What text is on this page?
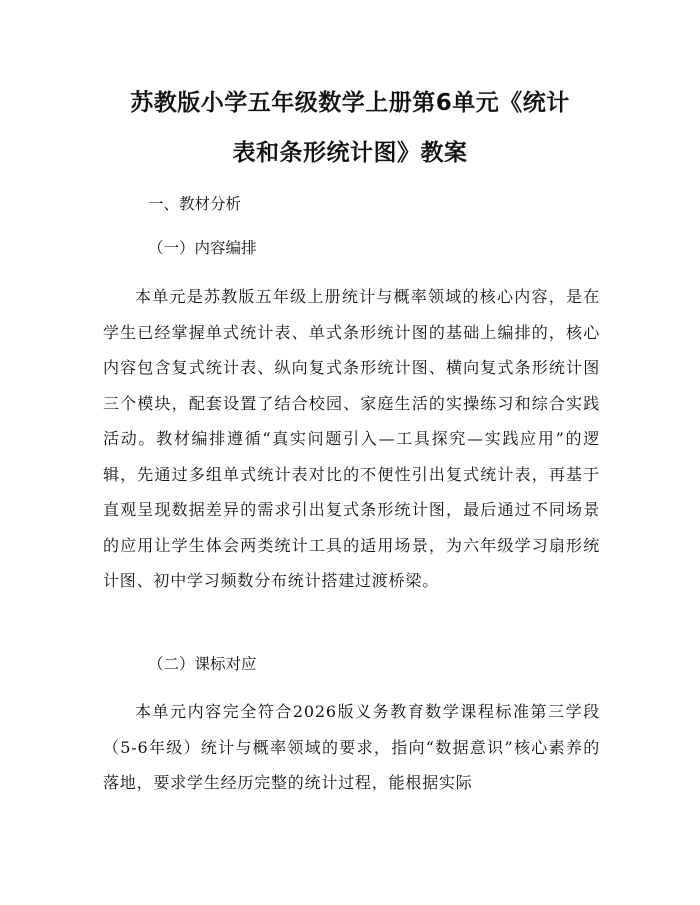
苏教版小学五年级数学上册第6单元《统计
表和条形统计图》教案

一、教材分析

（一）内容编排

本单元是苏教版五年级上册统计与概率领域的核心内容，是在学生已经掌握单式统计表、单式条形统计图的基础上编排的，核心内容包含复式统计表、纵向复式条形统计图、横向复式条形统计图三个模块，配套设置了结合校园、家庭生活的实操练习和综合实践活动。教材编排遵循“真实问题引入—工具探究—实践应用”的逻辑，先通过多组单式统计表对比的不便性引出复式统计表，再基于直观呈现数据差异的需求引出复式条形统计图，最后通过不同场景的应用让学生体会两类统计工具的适用场景，为六年级学习扇形统计图、初中学习频数分布统计搭建过渡桥梁。

（二）课标对应

本单元内容完全符合2026版义务教育数学课程标准第三学段（5-6年级）统计与概率领域的要求，指向“数据意识”核心素养的落地，要求学生经历完整的统计过程，能根据实际
